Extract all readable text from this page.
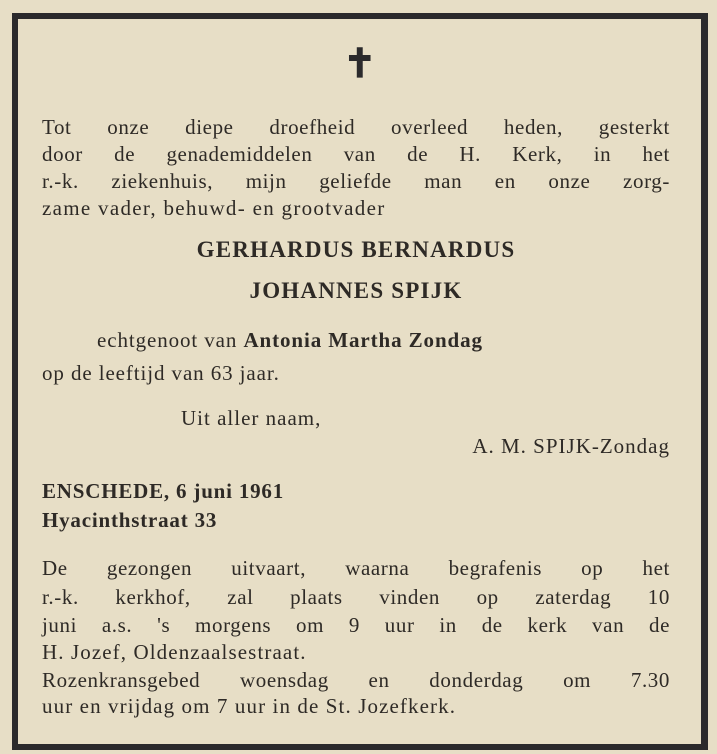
✝
Tot onze diepe droefheid overleed heden, gesterkt
door de genademiddelen van de H. Kerk, in het
r.-k. ziekenhuis, mijn geliefde man en onze zorg-
zame vader, behuwd- en grootvader
GERHARDUS BERNARDUS
JOHANNES SPIJK
echtgenoot van Antonia Martha Zondag
op de leeftijd van 63 jaar.
Uit aller naam,
A. M. SPIJK-Zondag
ENSCHEDE, 6 juni 1961
Hyacinthstraat 33
De gezongen uitvaart, waarna begrafenis op het
r.-k. kerkhof, zal plaats vinden op zaterdag 10
juni a.s. 's morgens om 9 uur in de kerk van de
H. Jozef, Oldenzaalsestraat.
Rozenkransgebed woensdag en donderdag om 7.30
uur en vrijdag om 7 uur in de St. Jozefkerk.
